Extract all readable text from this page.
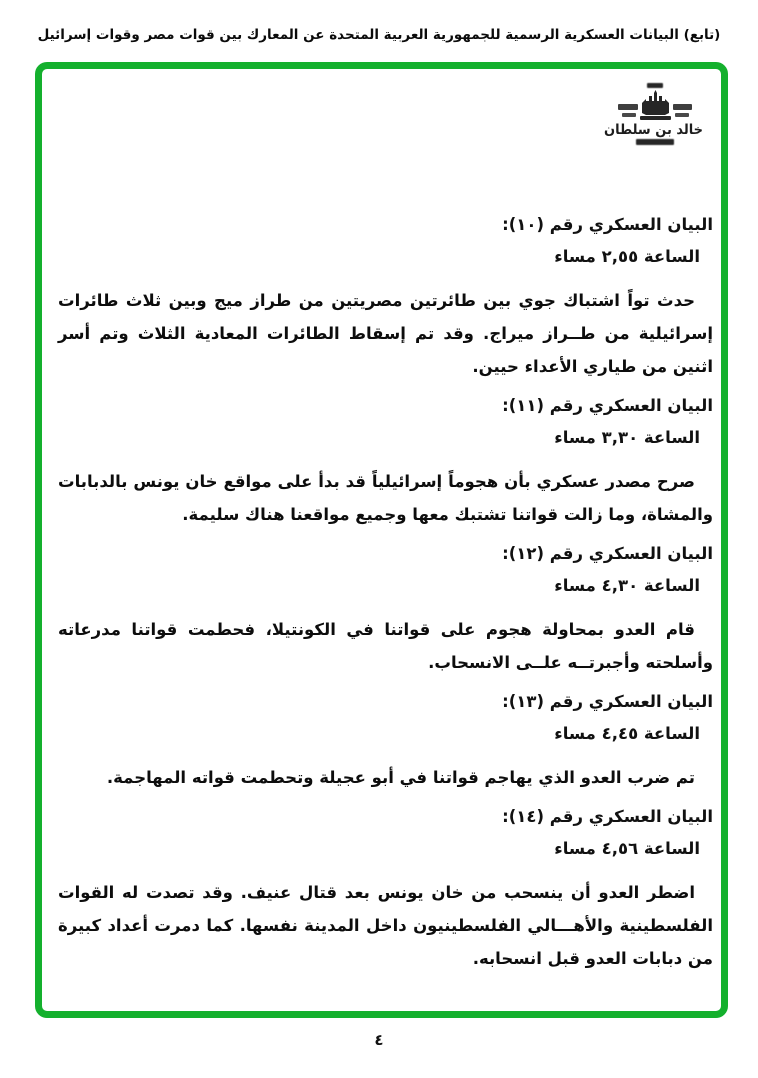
(تابع) البيانات العسكرية الرسمية للجمهورية العربية المتحدة عن المعارك بين قوات مصر وقوات إسرائيل
خالد بن سلطان
البيان العسكري رقم (١٠):
الساعة ٢,٥٥ مساء

حدث تواً اشتباك جوي بين طائرتين مصريتين من طراز ميج وبين ثلاث طائرات إسرائيلية من طــراز ميراج. وقد تم إسقاط الطائرات المعادية الثلاث وتم أسر اثنين من طياري الأعداء حيين.

البيان العسكري رقم (١١):
الساعة ٣,٣٠ مساء

صرح مصدر عسكري بأن هجوماً إسرائيلياً قد بدأ على مواقع خان يونس بالدبابات والمشاة، وما زالت قواتنا تشتبك معها وجميع مواقعنا هناك سليمة.

البيان العسكري رقم (١٢):
الساعة ٤,٣٠ مساء

قام العدو بمحاولة هجوم على قواتنا في الكونتيلا، فحطمت قواتنا مدرعاته وأسلحته وأجبرتــه علــى الانسحاب.

البيان العسكري رقم (١٣):
الساعة ٤,٤٥ مساء

تم ضرب العدو الذي يهاجم قواتنا في أبو عجيلة وتحطمت قواته المهاجمة.

البيان العسكري رقم (١٤):
الساعة ٤,٥٦ مساء

اضطر العدو أن ينسحب من خان يونس بعد قتال عنيف. وقد تصدت له القوات الفلسطينية والأهـــالي الفلسطينيون داخل المدينة نفسها. كما دمرت أعداد كبيرة من دبابات العدو قبل انسحابه.

٤
